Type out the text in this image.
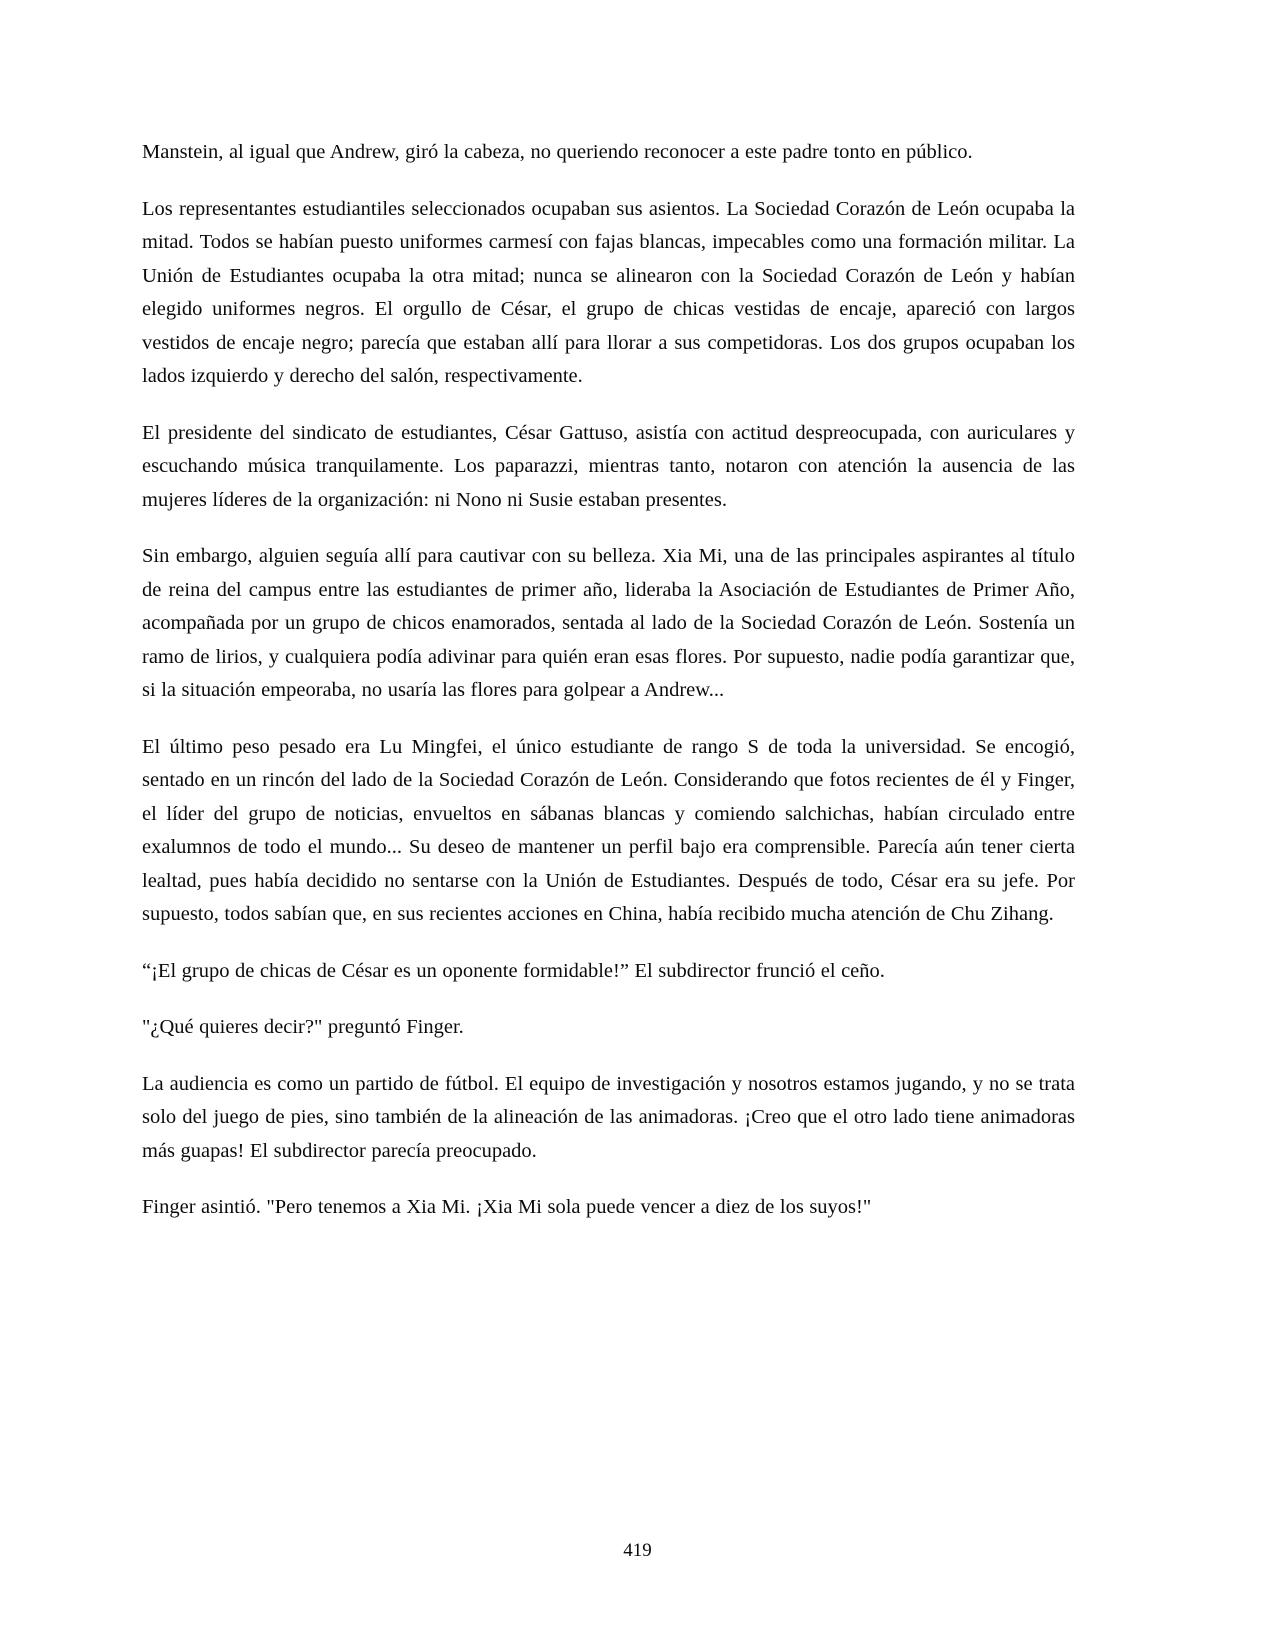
Manstein, al igual que Andrew, giró la cabeza, no queriendo reconocer a este padre tonto en público.

Los representantes estudiantiles seleccionados ocupaban sus asientos. La Sociedad Corazón de León ocupaba la mitad. Todos se habían puesto uniformes carmesí con fajas blancas, impecables como una formación militar. La Unión de Estudiantes ocupaba la otra mitad; nunca se alinearon con la Sociedad Corazón de León y habían elegido uniformes negros. El orgullo de César, el grupo de chicas vestidas de encaje, apareció con largos vestidos de encaje negro; parecía que estaban allí para llorar a sus competidoras. Los dos grupos ocupaban los lados izquierdo y derecho del salón, respectivamente.

El presidente del sindicato de estudiantes, César Gattuso, asistía con actitud despreocupada, con auriculares y escuchando música tranquilamente. Los paparazzi, mientras tanto, notaron con atención la ausencia de las mujeres líderes de la organización: ni Nono ni Susie estaban presentes.

Sin embargo, alguien seguía allí para cautivar con su belleza. Xia Mi, una de las principales aspirantes al título de reina del campus entre las estudiantes de primer año, lideraba la Asociación de Estudiantes de Primer Año, acompañada por un grupo de chicos enamorados, sentada al lado de la Sociedad Corazón de León. Sostenía un ramo de lirios, y cualquiera podía adivinar para quién eran esas flores. Por supuesto, nadie podía garantizar que, si la situación empeoraba, no usaría las flores para golpear a Andrew...

El último peso pesado era Lu Mingfei, el único estudiante de rango S de toda la universidad. Se encogió, sentado en un rincón del lado de la Sociedad Corazón de León. Considerando que fotos recientes de él y Finger, el líder del grupo de noticias, envueltos en sábanas blancas y comiendo salchichas, habían circulado entre exalumnos de todo el mundo... Su deseo de mantener un perfil bajo era comprensible. Parecía aún tener cierta lealtad, pues había decidido no sentarse con la Unión de Estudiantes. Después de todo, César era su jefe. Por supuesto, todos sabían que, en sus recientes acciones en China, había recibido mucha atención de Chu Zihang.

“¡El grupo de chicas de César es un oponente formidable!” El subdirector frunció el ceño.

"¿Qué quieres decir?" preguntó Finger.

La audiencia es como un partido de fútbol. El equipo de investigación y nosotros estamos jugando, y no se trata solo del juego de pies, sino también de la alineación de las animadoras. ¡Creo que el otro lado tiene animadoras más guapas! El subdirector parecía preocupado.

Finger asintió. "Pero tenemos a Xia Mi. ¡Xia Mi sola puede vencer a diez de los suyos!"

419
